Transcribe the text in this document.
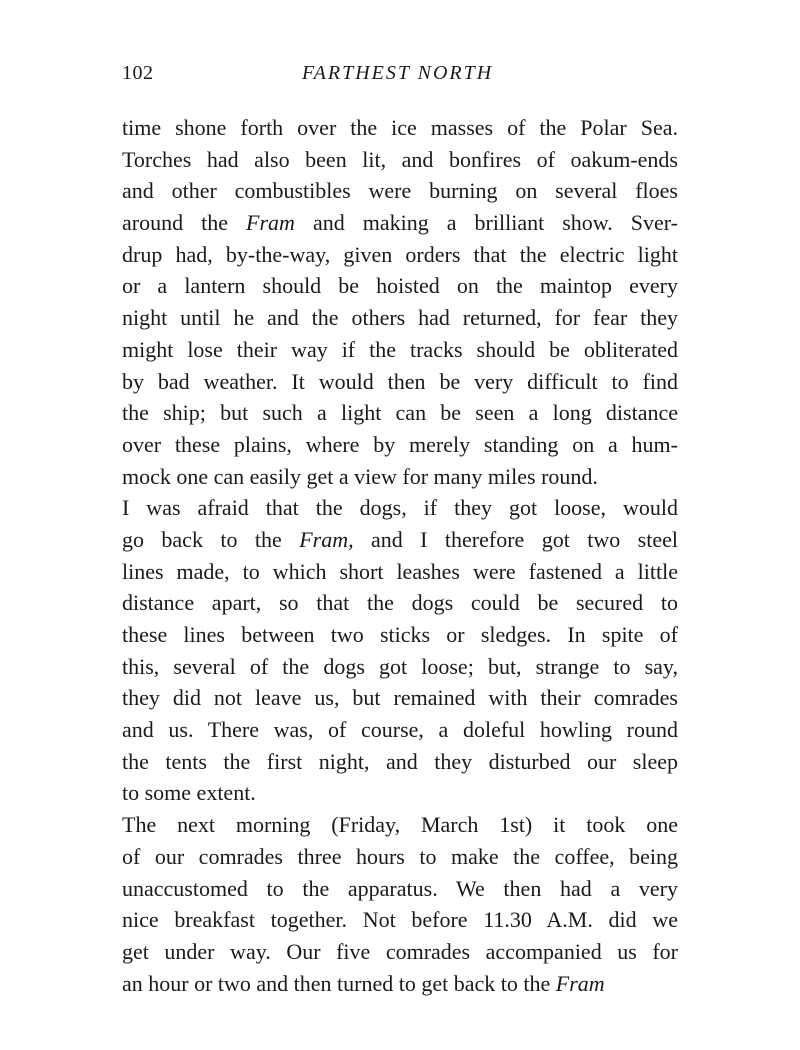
102	FARTHEST NORTH
time shone forth over the ice masses of the Polar Sea.
Torches had also been lit, and bonfires of oakum-ends
and other combustibles were burning on several floes
around the Fram and making a brilliant show. Sver-
drup had, by-the-way, given orders that the electric light
or a lantern should be hoisted on the maintop every
night until he and the others had returned, for fear they
might lose their way if the tracks should be obliterated
by bad weather. It would then be very difficult to find
the ship; but such a light can be seen a long distance
over these plains, where by merely standing on a hum-
mock one can easily get a view for many miles round.
I was afraid that the dogs, if they got loose, would
go back to the Fram, and I therefore got two steel
lines made, to which short leashes were fastened a little
distance apart, so that the dogs could be secured to
these lines between two sticks or sledges. In spite of
this, several of the dogs got loose; but, strange to say,
they did not leave us, but remained with their comrades
and us. There was, of course, a doleful howling round
the tents the first night, and they disturbed our sleep
to some extent.
The next morning (Friday, March 1st) it took one
of our comrades three hours to make the coffee, being
unaccustomed to the apparatus. We then had a very
nice breakfast together. Not before 11.30 A.M. did we
get under way. Our five comrades accompanied us for
an hour or two and then turned to get back to the Fram
